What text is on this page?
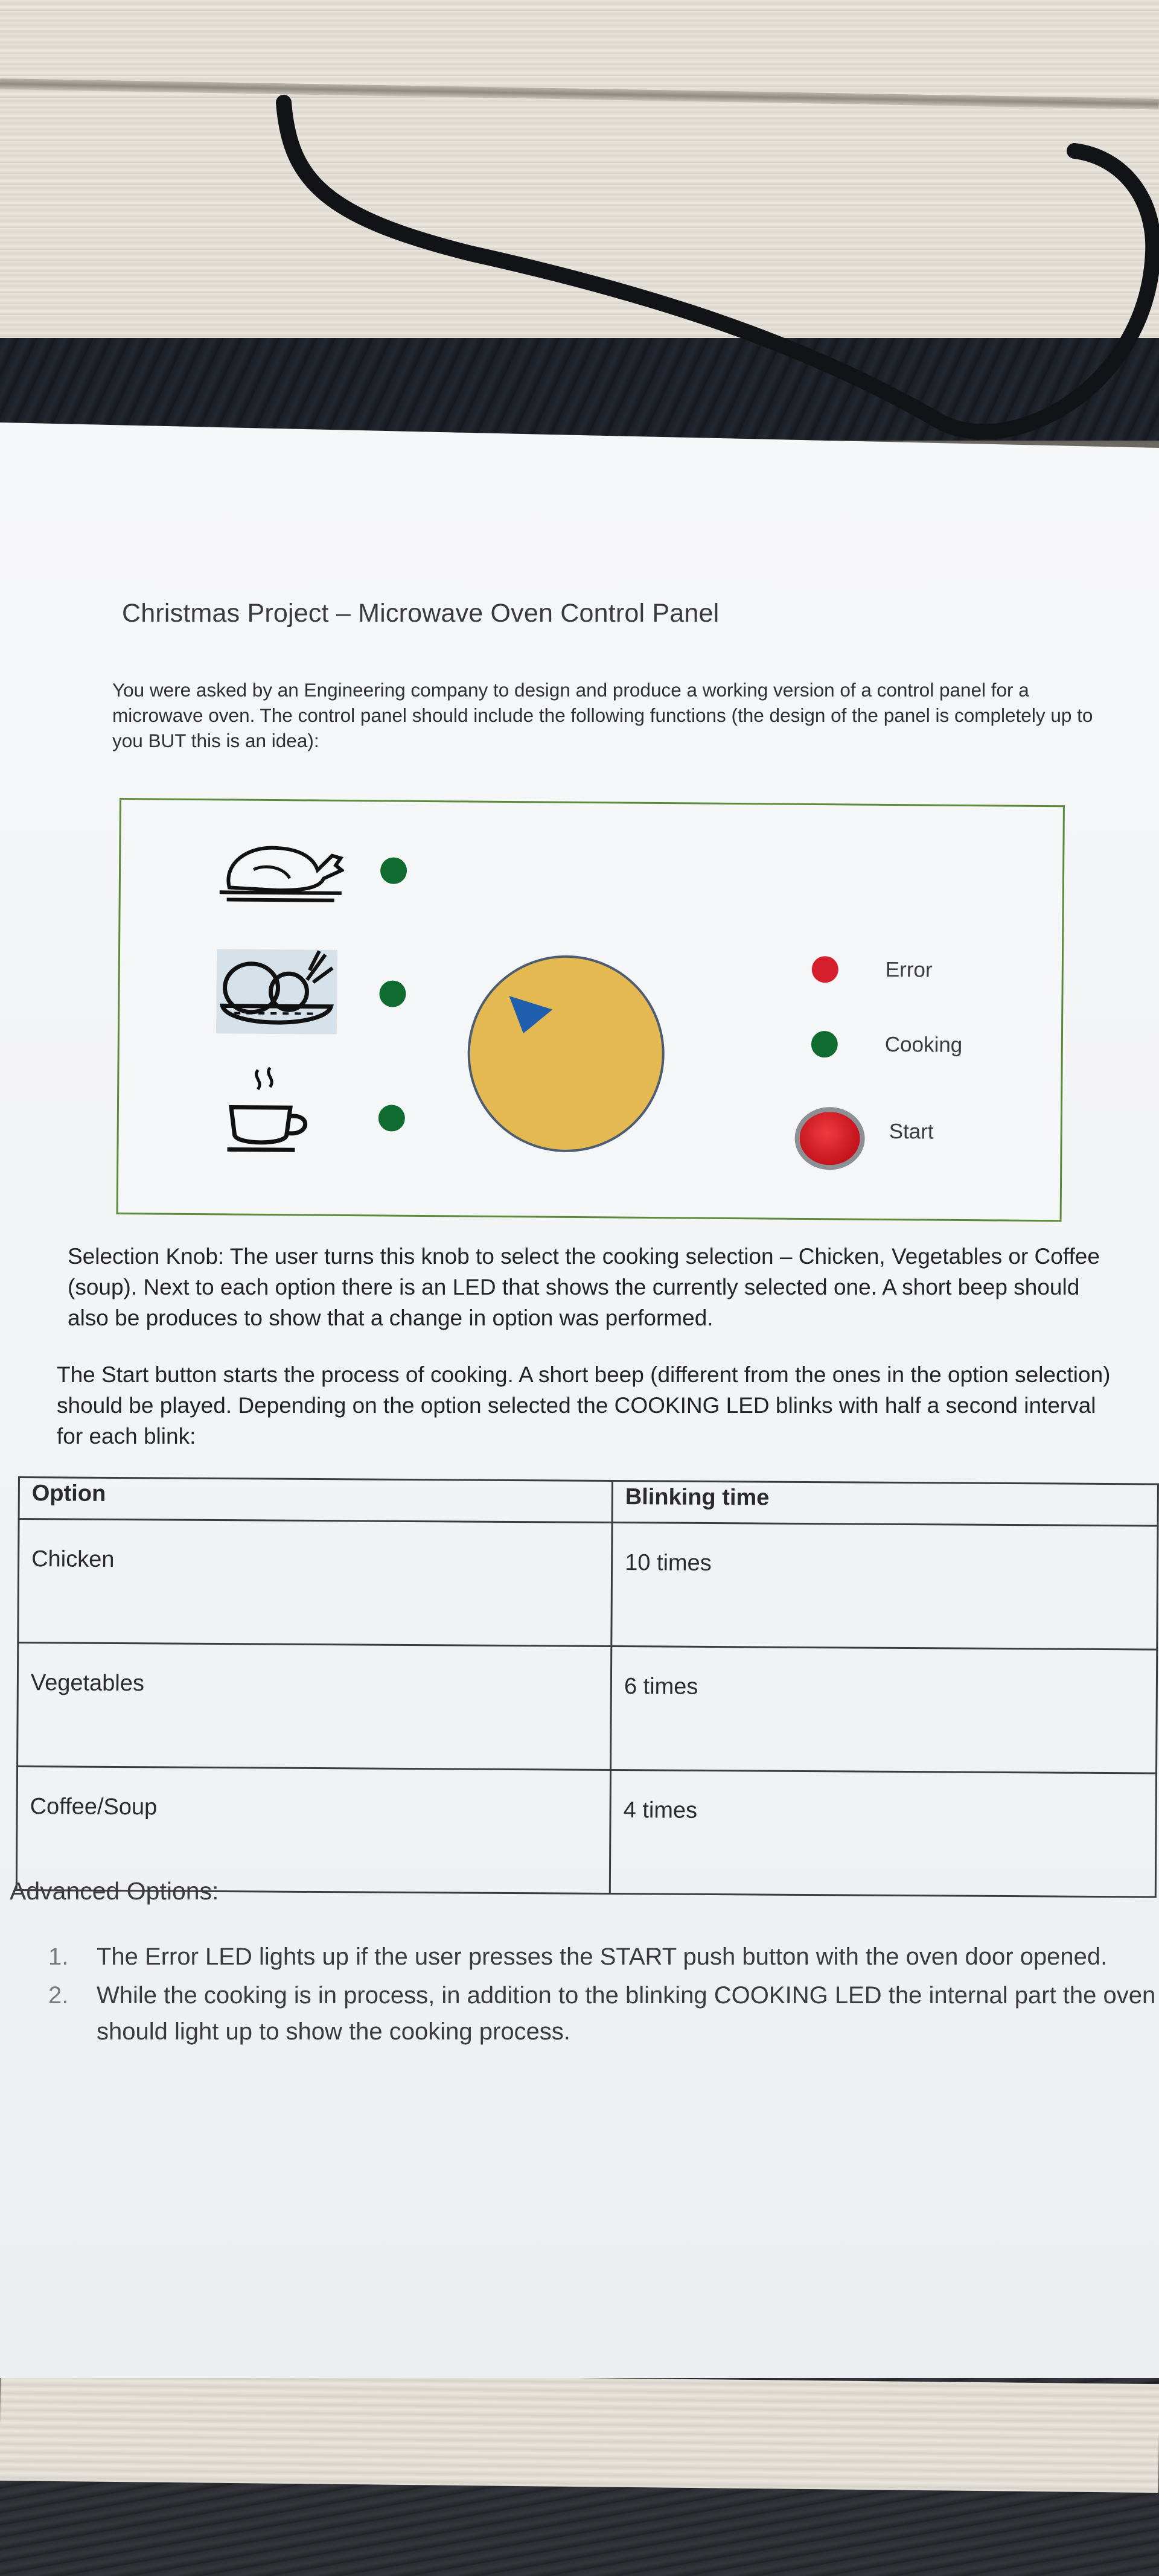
Christmas Project – Microwave Oven Control Panel
You were asked by an Engineering company to design and produce a working version of a control panel for a microwave oven. The control panel should include the following functions (the design of the panel is completely up to you BUT this is an idea):
Error
Cooking
Start
Selection Knob: The user turns this knob to select the cooking selection – Chicken, Vegetables or Coffee (soup). Next to each option there is an LED that shows the currently selected one. A short beep should also be produces to show that a change in option was performed.
The Start button starts the process of cooking. A short beep (different from the ones in the option selection) should be played. Depending on the option selected the COOKING LED blinks with half a second interval for each blink:
Option	Blinking time
Chicken	10 times
Vegetables	6 times
Coffee/Soup	4 times
Advanced Options:
1. The Error LED lights up if the user presses the START push button with the oven door opened.
2. While the cooking is in process, in addition to the blinking COOKING LED the internal part the oven should light up to show the cooking process.
